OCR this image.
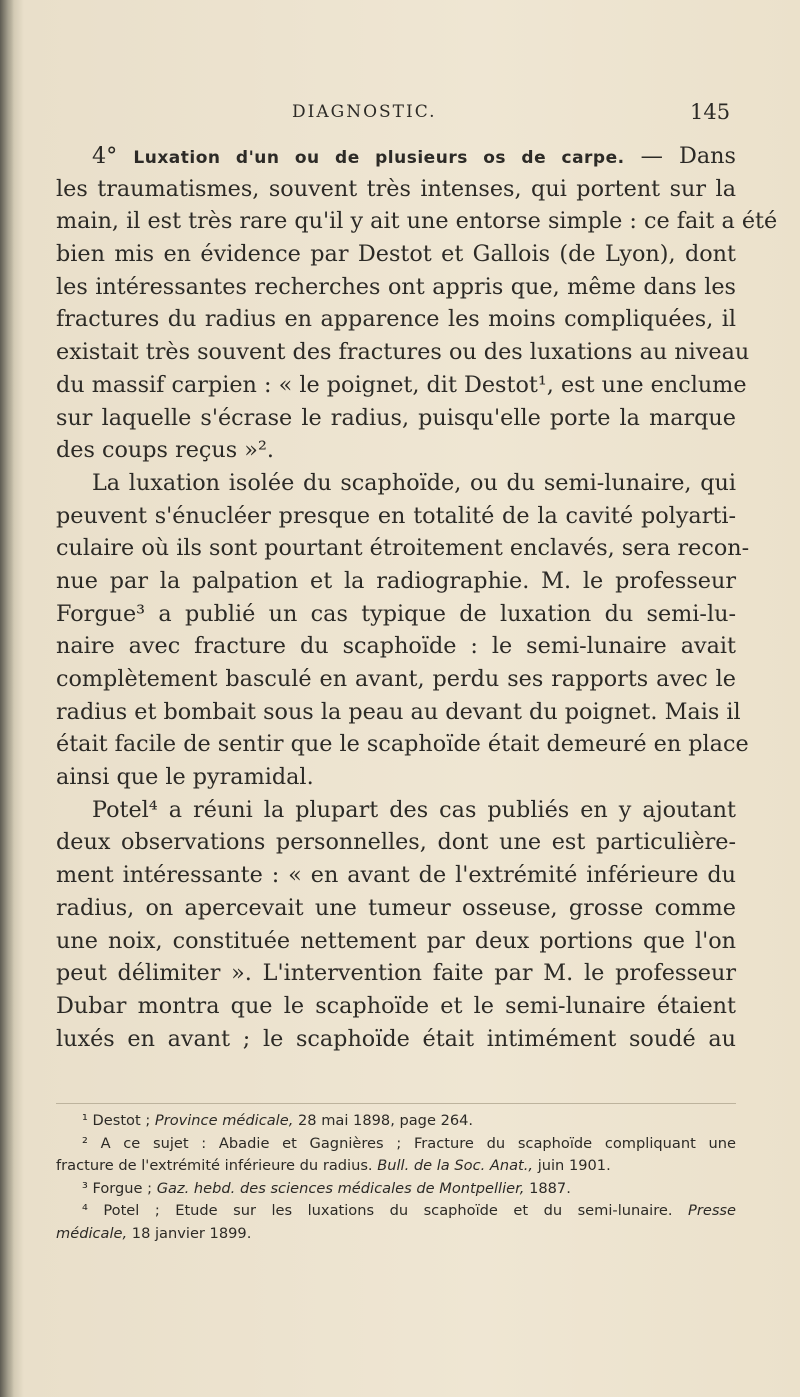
DIAGNOSTIC.	145
4° Luxation d'un ou de plusieurs os de carpe. — Dans
les traumatismes, souvent très intenses, qui portent sur la
main, il est très rare qu'il y ait une entorse simple : ce fait a été
bien mis en évidence par Destot et Gallois (de Lyon), dont
les intéressantes recherches ont appris que, même dans les
fractures du radius en apparence les moins compliquées, il
existait très souvent des fractures ou des luxations au niveau
du massif carpien : « le poignet, dit Destot¹, est une enclume
sur laquelle s'écrase le radius, puisqu'elle porte la marque
des coups reçus »².
La luxation isolée du scaphoïde, ou du semi-lunaire, qui
peuvent s'énucléer presque en totalité de la cavité polyarti-
culaire où ils sont pourtant étroitement enclavés, sera recon-
nue par la palpation et la radiographie. M. le professeur
Forgue³ a publié un cas typique de luxation du semi-lu-
naire avec fracture du scaphoïde : le semi-lunaire avait
complètement basculé en avant, perdu ses rapports avec le
radius et bombait sous la peau au devant du poignet. Mais il
était facile de sentir que le scaphoïde était demeuré en place
ainsi que le pyramidal.
Potel⁴ a réuni la plupart des cas publiés en y ajoutant
deux observations personnelles, dont une est particulière-
ment intéressante : « en avant de l'extrémité inférieure du
radius, on apercevait une tumeur osseuse, grosse comme
une noix, constituée nettement par deux portions que l'on
peut délimiter ». L'intervention faite par M. le professeur
Dubar montra que le scaphoïde et le semi-lunaire étaient
luxés en avant ; le scaphoïde était intimément soudé au
¹ Destot ; Province médicale, 28 mai 1898, page 264.
² A ce sujet : Abadie et Gagnières ; Fracture du scaphoïde compliquant une
fracture de l'extrémité inférieure du radius. Bull. de la Soc. Anat., juin 1901.
³ Forgue ; Gaz. hebd. des sciences médicales de Montpellier, 1887.
⁴ Potel ; Etude sur les luxations du scaphoïde et du semi-lunaire. Presse
médicale, 18 janvier 1899.
